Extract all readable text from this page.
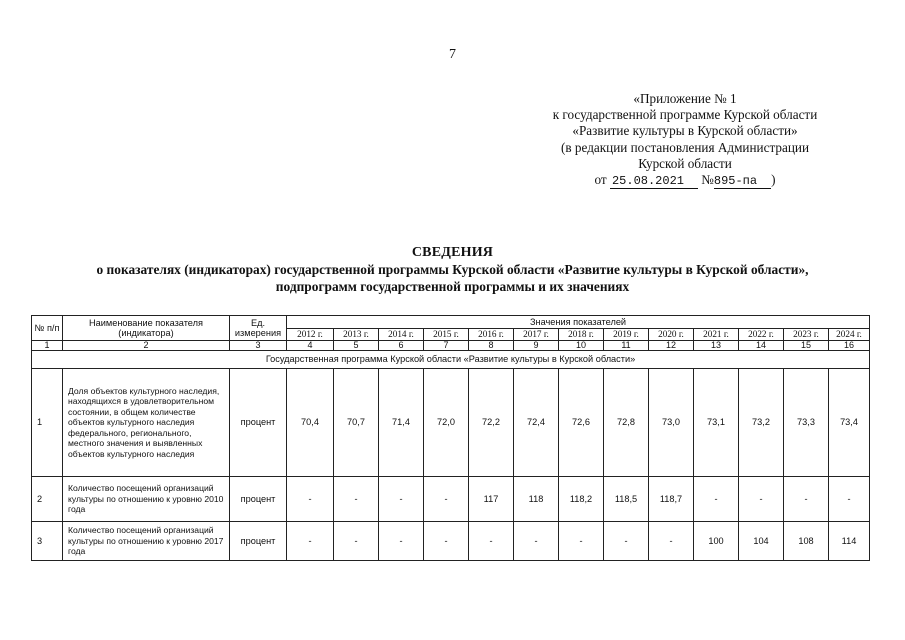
7
«Приложение № 1
к государственной программе Курской области
«Развитие культуры в Курской области»
(в редакции постановления Администрации
Курской области
от 25.08.2021 №895-па )
СВЕДЕНИЯ
о показателях (индикаторах) государственной программы Курской области «Развитие культуры в Курской области»,
подпрограмм государственной программы и их значениях
№ п/п	Наименование показателя (индикатора)	Ед. измерения	Значения показателей												
			2012 г.	2013 г.	2014 г.	2015 г.	2016 г.	2017 г.	2018 г.	2019 г.	2020 г.	2021 г.	2022 г.	2023 г.	2024 г.
1	2	3	4	5	6	7	8	9	10	11	12	13	14	15	16
Государственная программа Курской области «Развитие культуры в Курской области»															
1	Доля объектов культурного наследия, находящихся в удовлетворительном состоянии, в общем количестве объектов культурного наследия федерального, регионального, местного значения и выявленных объектов культурного наследия	процент	70,4	70,7	71,4	72,0	72,2	72,4	72,6	72,8	73,0	73,1	73,2	73,3	73,4
2	Количество посещений организаций культуры по отношению к уровню 2010 года	процент	-	-	-	-	117	118	118,2	118,5	118,7	-	-	-	-
3	Количество посещений организаций культуры по отношению к уровню 2017 года	процент	-	-	-	-	-	-	-	-	-	100	104	108	114
